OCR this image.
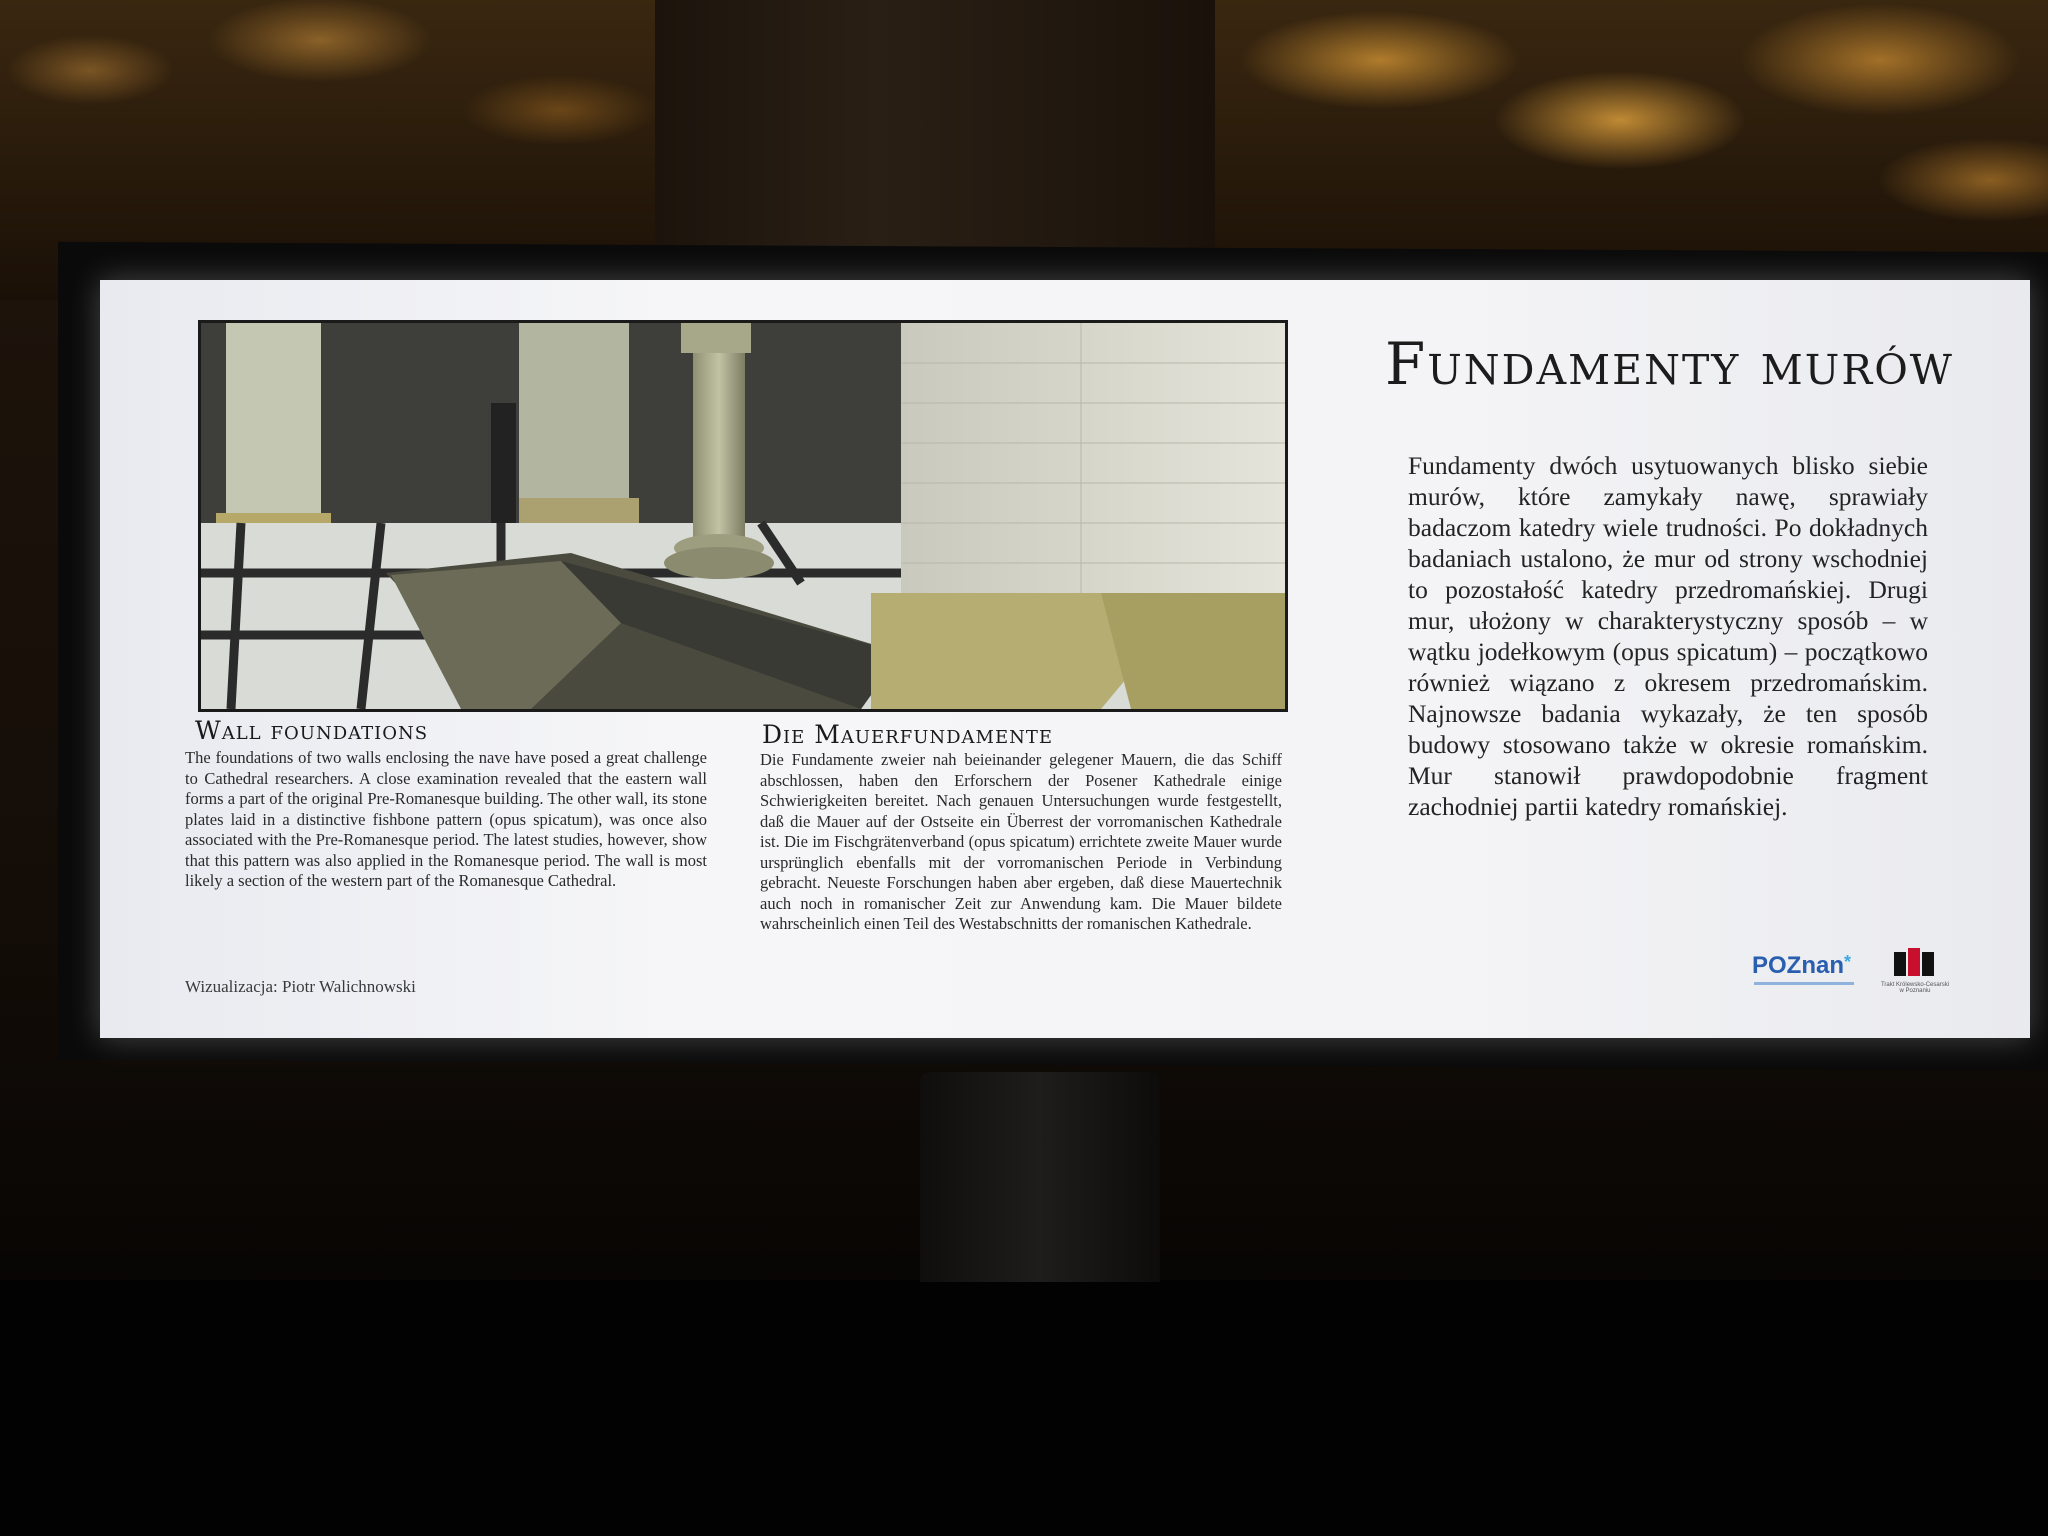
Wall foundations
The foundations of two walls enclosing the nave have posed a great challenge to Cathedral researchers. A close examination revealed that the eastern wall forms a part of the original Pre-Romanesque building. The other wall, its stone plates laid in a distinctive fishbone pattern (opus spicatum), was once also associated with the Pre-Romanesque period. The latest studies, however, show that this pattern was also applied in the Romanesque period. The wall is most likely a section of the western part of the Romanesque Cathedral.
Die Mauerfundamente
Die Fundamente zweier nah beieinander gelegener Mauern, die das Schiff abschlossen, haben den Erforschern der Posener Kathedrale einige Schwierigkeiten bereitet. Nach genauen Untersuchungen wurde festgestellt, daß die Mauer auf der Ostseite ein Überrest der vorromanischen Kathedrale ist. Die im Fischgrätenverband (opus spicatum) errichtete zweite Mauer wurde ursprünglich ebenfalls mit der vorromanischen Periode in Verbindung gebracht. Neueste Forschungen haben aber ergeben, daß diese Mauertechnik auch noch in romanischer Zeit zur Anwendung kam. Die Mauer bildete wahrscheinlich einen Teil des Westabschnitts der romanischen Kathedrale.
Fundamenty murów
Fundamenty dwóch usytuowanych blisko siebie murów, które zamykały nawę, sprawiały badaczom katedry wiele trudności. Po dokładnych badaniach ustalono, że mur od strony wschodniej to pozostałość katedry przedromańskiej. Drugi mur, ułożony w charakterystyczny sposób – w wątku jodełkowym (opus spicatum) – początkowo również wiązano z okresem przedromańskim. Najnowsze badania wykazały, że ten sposób budowy stosowano także w okresie romańskim. Mur stanowił prawdopodobnie fragment zachodniej partii katedry romańskiej.
Wizualizacja: Piotr Walichnowski
POZnan*
Trakt Królewsko-Cesarski w Poznaniu
